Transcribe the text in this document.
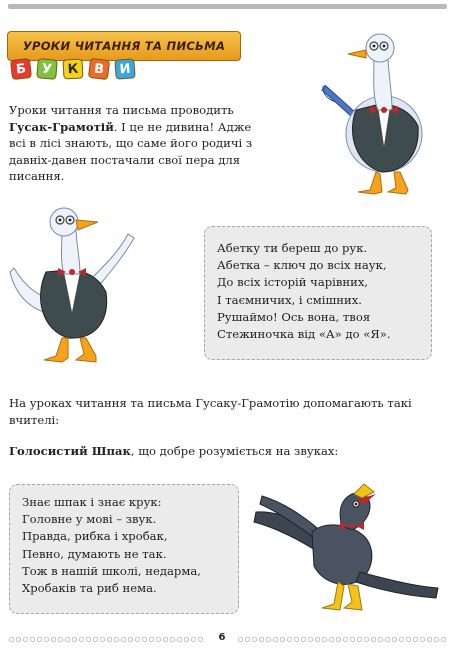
УРОКИ ЧИТАННЯ ТА ПИСЬМА
Б	У	К	В	И

Уроки читання та письма проводить Гусак-Грамотій. І це не дивина! Адже всі в лісі знають, що саме його родичі з давніх-давен постачали свої пера для писання.

Абетку ти береш до рук.
Абетка – ключ до всіх наук,
До всіх історій чарівних,
І таємничих, і смішних.
Рушаймо! Ось вона, твоя
Стежиночка від «А» до «Я».

На уроках читання та письма Гусаку-Грамотію допомагають такі вчителі:

Голосистий Шпак, що добре розуміється на звуках:

Знає шпак і знає крук:
Головне у мові – звук.
Правда, рибка і хробак,
Певно, думають не так.
Тож в нашій школі, недарма,
Хробаків та риб нема.
6
